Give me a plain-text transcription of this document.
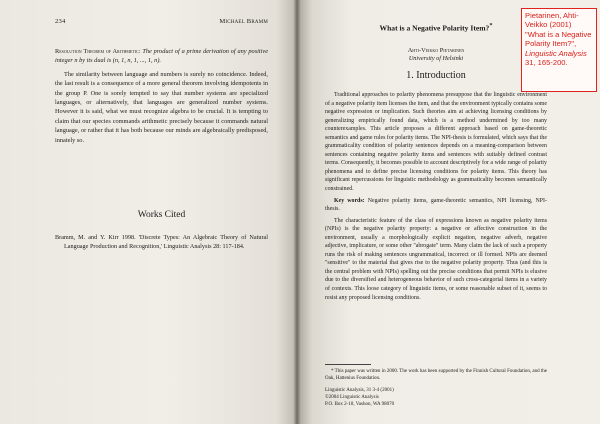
234	Michael Bramm

Resolution Theorem of Arithmetic: The product of a prime derivation of any positive integer n by its dual is (n, 1, n, 1, ..., 1, n).

The similarity between language and numbers is surely no coincidence. Indeed, the last result is a consequence of a more general theorem involving idempotents in the group P. One is sorely tempted to say that number systems are specialized languages, or alternatively, that languages are generalized number systems. However it is said, what we must recognize algebra to be crucial. It is tempting to claim that our species commands arithmetic precisely because it commands natural language, or rather that it has both because our minds are algebraically predisposed, innately so.

Works Cited
Bramm, M. and Y. Kirr 1998. 'Discrete Types: An Algebraic Theory of Natural Language Production and Recognition,' Linguistic Analysis 28: 117-184.
What is a Negative Polarity Item?*
Ahti-Veikko Pietarinen
University of Helsinki
1. Introduction

Traditional approaches to polarity phenomena presuppose that the linguistic environment of a negative polarity item licenses the item, and that the environment typically contains some negative expression or implication. Such theories aim at achieving licensing conditions by generalizing empirically found data, which is a method undermined by too many counterexamples. This article proposes a different approach based on game-theoretic semantics and game rules for polarity items. The NPI-thesis is formulated, which says that the grammaticality condition of polarity sentences depends on a meaning-comparison between sentences containing negative polarity items and sentences with suitably defined contrast terms. Consequently, it becomes possible to account descriptively for a wide range of polarity phenomena and to define precise licensing conditions for polarity items. This theory has significant repercussions for linguistic methodology as grammaticality becomes semantically constrained.

Key words: Negative polarity items, game-theoretic semantics, NPI licensing, NPI-thesis.

The characteristic feature of the class of expressions known as negative polarity items (NPIs) is the negative polarity property: a negative or affective construction in the environment, usually a morphologically explicit negation, negative adverb, negative adjective, implicature, or some other "abrogate" term. Many claim the lack of such a property runs the risk of making sentences ungrammatical, incorrect or ill formed. NPIs are deemed "sensitive" to the material that gives rise to the negative polarity property. Thus (and this is the central problem with NPIs) spelling out the precise conditions that permit NPIs is elusive due to the diversified and heterogeneous behavior of such cross-categorial items in a variety of contexts. This loose category of linguistic items, or some reasonable subset of it, seems to resist any proposed licensing conditions.

* This paper was written in 2000. The work has been supported by the Finnish Cultural Foundation, and the Oak, Hattenius Foundation.
Linguistic Analysis, 31 3-4 (2001)
©2004 Linguistic Analysis
P.O. Box 2-18, Vashon, WA 98070
Pietarinen, Ahti-Veikko (2001)
"What is a Negative Polarity Item?",
Linguistic Analysis
31, 165-200.
